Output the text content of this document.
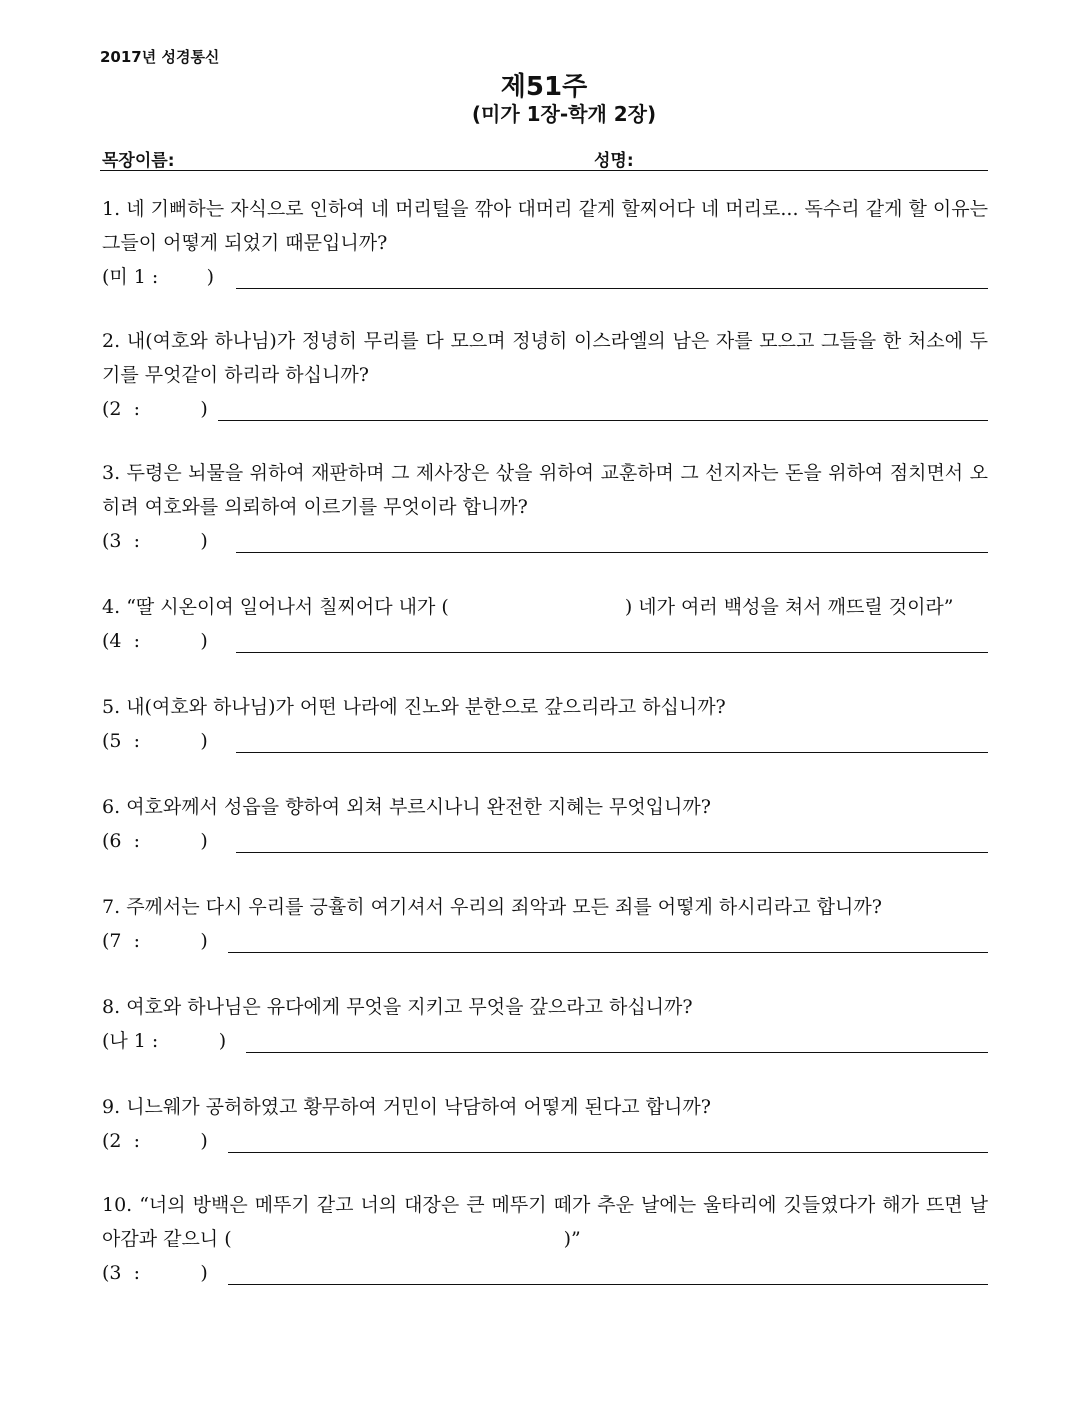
2017년 성경통신
제51주
(미가 1장-학개 2장)
목장이름:	성명:
1. 네 기뻐하는 자식으로 인하여 네 머리털을 깎아 대머리 같게 할찌어다 네 머리로... 독수리 같게 할 이유는 그들이 어떻게 되었기 때문입니까?
(미 1 :        )
2. 내(여호와 하나님)가 정녕히 무리를 다 모으며 정녕히 이스라엘의 남은 자를 모으고 그들을 한 처소에 두기를 무엇같이 하리라 하십니까?
(2  :          )
3. 두령은 뇌물을 위하여 재판하며 그 제사장은 삯을 위하여 교훈하며 그 선지자는 돈을 위하여 점치면서 오히려 여호와를 의뢰하여 이르기를 무엇이라 합니까?
(3  :          )
4. “딸 시온이여 일어나서 칠찌어다 내가 (	) 네가 여러 백성을 쳐서 깨뜨릴 것이라”
(4  :          )
5. 내(여호와 하나님)가 어떤 나라에 진노와 분한으로 갚으리라고 하십니까?
(5  :          )
6. 여호와께서 성읍을 향하여 외쳐 부르시나니 완전한 지혜는 무엇입니까?
(6  :          )
7. 주께서는 다시 우리를 긍휼히 여기셔서 우리의 죄악과 모든 죄를 어떻게 하시리라고 합니까?
(7  :          )
8. 여호와 하나님은 유다에게 무엇을 지키고 무엇을 갚으라고 하십니까?
(나 1 :          )
9. 니느웨가 공허하였고 황무하여 거민이 낙담하여 어떻게 된다고 합니까?
(2  :          )
10. “너의 방백은 메뚜기 같고 너의 대장은 큰 메뚜기 떼가 추운 날에는 울타리에 깃들였다가 해가 뜨면 날아감과 같으니 (	)”
(3  :          )
